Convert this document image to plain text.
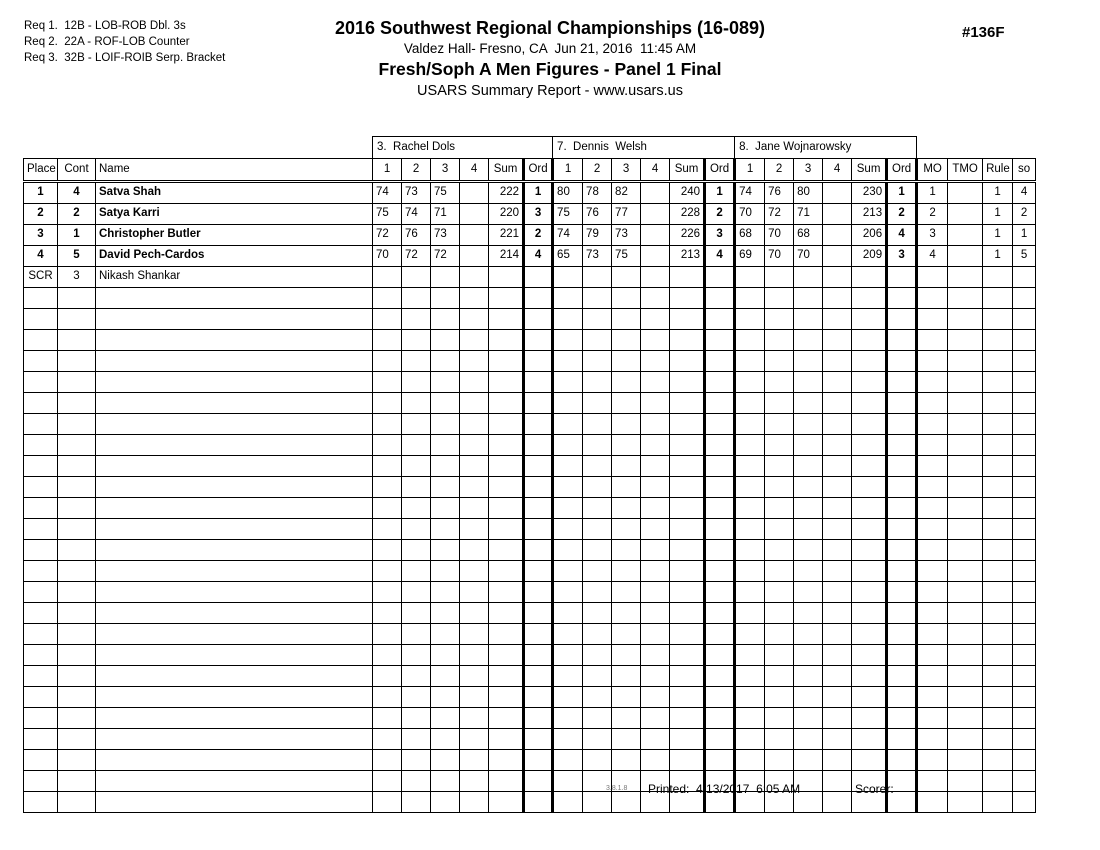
Req 1.  12B - LOB-ROB Dbl. 3s
Req 2.  22A - ROF-LOB Counter
Req 3.  32B - LOIF-ROIB Serp. Bracket
2016 Southwest Regional Championships (16-089)
Valdez Hall- Fresno, CA  Jun 21, 2016  11:45 AM
Fresh/Soph A Men Figures - Panel 1 Final
USARS Summary Report - www.usars.us
#136F
			3.  Rachel Dols						7.  Dennis  Welsh						8.  Jane Wojnarowsky									
Place	Cont	Name	1	2	3	4	Sum	Ord	1	2	3	4	Sum	Ord	1	2	3	4	Sum	Ord	MO	TMO	Rule	so
1	4	Satva Shah	74	73	75		222	1	80	78	82		240	1	74	76	80		230	1	1		1	4
2	2	Satya Karri	75	74	71		220	3	75	76	77		228	2	70	72	71		213	2	2		1	2
3	1	Christopher Butler	72	76	73		221	2	74	79	73		226	3	68	70	68		206	4	3		1	1
4	5	David Pech-Cardos	70	72	72		214	4	65	73	75		213	4	69	70	70		209	3	4		1	5
SCR	3	Nikash Shankar																						

3.8.1.8 Printed:  4/13/2017  6:05 AM	Scorer:
